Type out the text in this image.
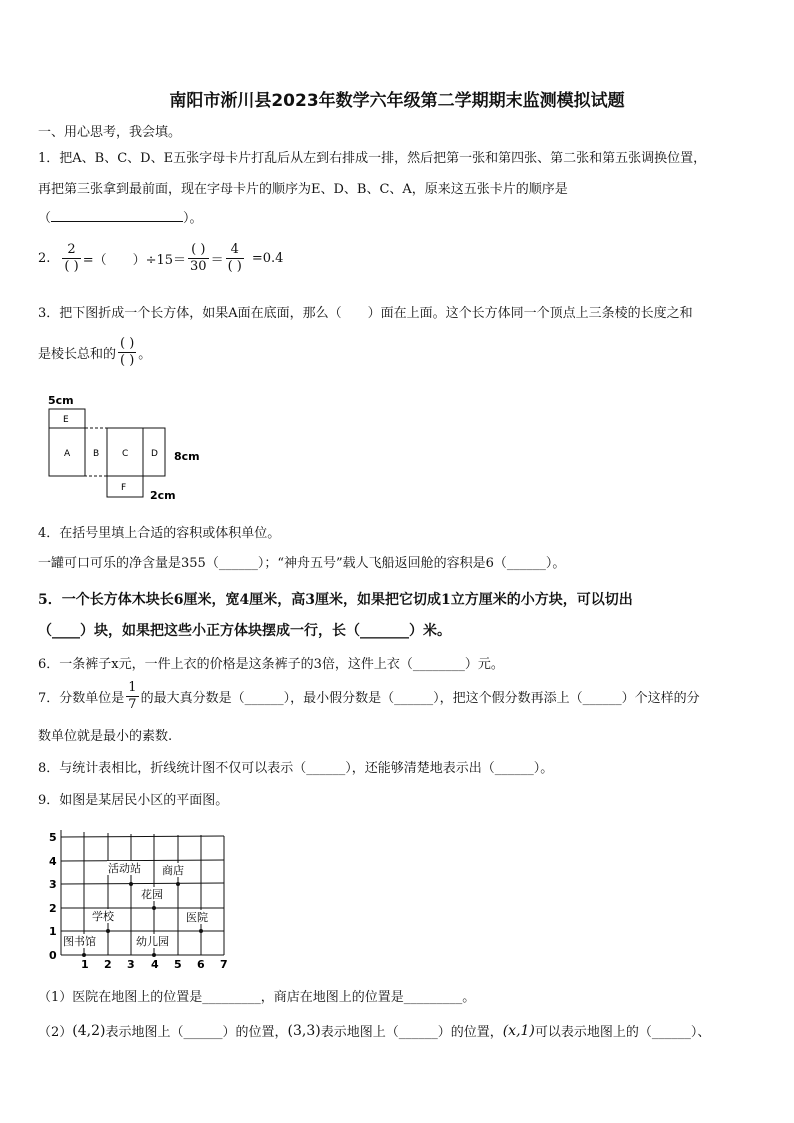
南阳市淅川县2023年数学六年级第二学期期末监测模拟试题
一、用心思考，我会填。
1．把A、B、C、D、E五张字母卡片打乱后从左到右排成一排，然后把第一张和第四张、第二张和第五张调换位置，
再把第三张拿到最前面，现在字母卡片的顺序为E、D、B、C、A，原来这五张卡片的顺序是
（	）。
2. $\frac{2}{( )}$ =（　　）$\div 15= \frac{( )}{30} = \frac{4}{( )} =0.4$
3．把下图折成一个长方体，如果A面在底面，那么（　　）面在上面。这个长方体同一个顶点上三条棱的长度之和
是棱长总和的 $\frac{( )}{( )}$ 。
5cm
E
A	B	C	D
F
8cm
2cm
4．在括号里填上合适的容积或体积单位。
一罐可口可乐的净含量是355（______）；“神舟五号”载人飞船返回舱的容积是6（______）。
5．一个长方体木块长6厘米，宽4厘米，高3厘米，如果把它切成1立方厘米的小方块，可以切出
（____）块，如果把这些小正方体块摆成一行，长（_______）米。
6．一条裤子x元，一件上衣的价格是这条裤子的3倍，这件上衣（________）元。
7．分数单位是 $\frac{1}{7}$ 的最大真分数是（______），最小假分数是（______），把这个假分数再添上（______）个这样的分
数单位就是最小的素数.
8．与统计表相比，折线统计图不仅可以表示（______），还能够清楚地表示出（______）。
9．如图是某居民小区的平面图。
1 2 3 4 5 6 7
0
1
2
3
4
5
活动站 商店
花园
学校	医院
图书馆	幼儿园
（1）医院在地图上的位置是_________，商店在地图上的位置是_________。
（2） (4,2) 表示地图上（______）的位置， (3,3) 表示地图上（______）的位置， (x,1) 可以表示地图上的（______）、
